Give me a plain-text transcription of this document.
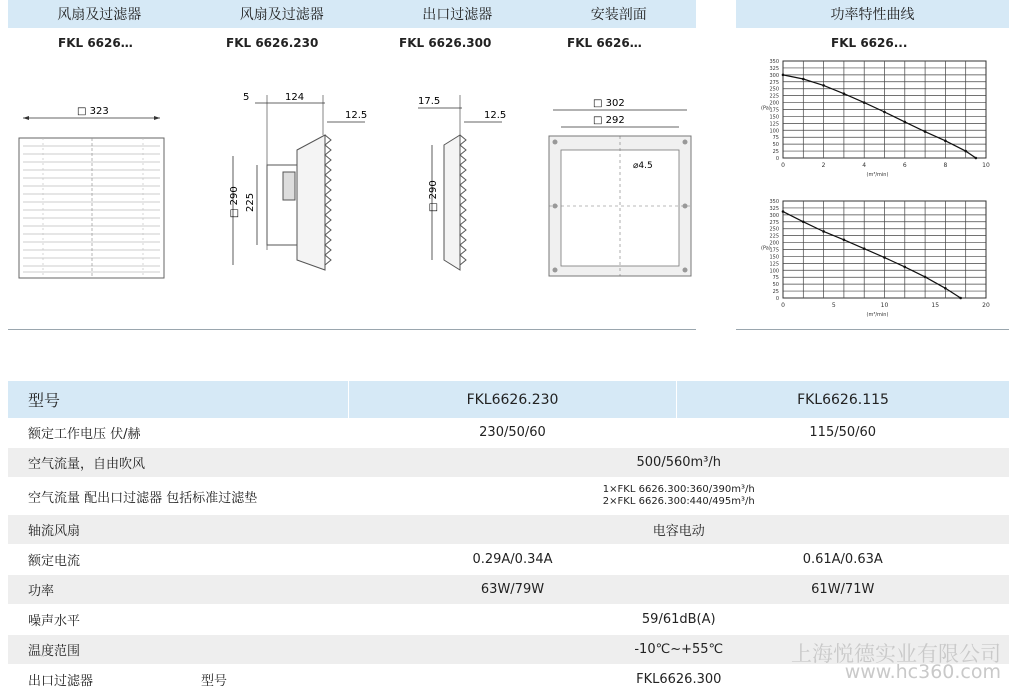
风扇及过滤器	风扇及过滤器	出口过滤器	安装剖面	功率特性曲线
FKL 6626…	FKL 6626.230	FKL 6626.300	FKL 6626…	FKL 6626...
□ 323
5	124
12.5
□ 290 225
17.5
12.5
□ 290
□ 302
□ 292
⌀4.5
0
25
50
75
100
125
150
175
200
225
250
275
300
325
350
0	2	4	6	8	10
(Pa)
(m³/min)
0
25
50
75
100
125
150
175
200
225
250
275
300
325
350
0	5	10	15	20
(Pa)
(m³/min)
型号	FKL6626.230	FKL6626.115
额定工作电压 伏/赫	230/50/60	115/50/60
空气流量，自由吹风	500/560m³/h	
空气流量 配出口过滤器 包括标准过滤垫	1×FKL 6626.300:360/390m³/h
2×FKL 6626.300:440/495m³/h	

轴流风扇	电容电动	
额定电流	0.29A/0.34A	0.61A/0.63A
功率	63W/79W	61W/71W
噪声水平	59/61dB(A)	
温度范围	-10℃~+55℃	
出口过滤器 型号	FKL6626.300	
上海悦德实业有限公司
www.hc360.com
